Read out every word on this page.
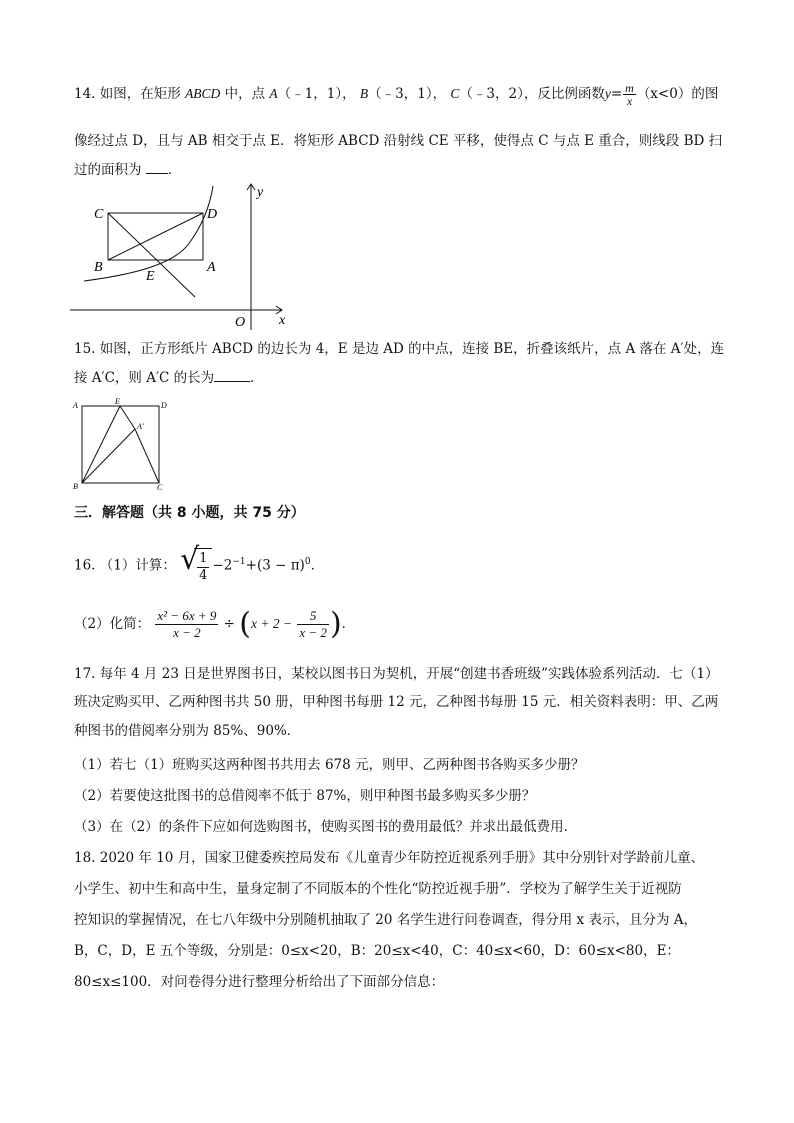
14. 如图，在矩形 ABCD 中，点 A（﹣1，1）， B（﹣3，1）， C（﹣3，2），反比例函数$y= \frac{m}{x} (x<0)$的图
像经过点 D，且与 AB 相交于点 E．将矩形 ABCD 沿射线 CE 平移，使得点 C 与点 E 重合，则线段 BD 扫
过的面积为 ．
C	D
B
E
A
y
x
O
15. 如图，正方形纸片 ABCD 的边长为 4，E 是边 AD 的中点，连接 BE，折叠该纸片，点 A 落在 A′处，连
接 A′C，则 A′C 的长为	．
A	E	D
A'
B	C
三．解答题（共 8 小题，共 75 分）
16. （1）计算： √
$\frac{1}{4} -2^{-1}+(3 - \pi)^0$．
（2）化简： $\frac{\text{x² − 6x + 9}}{x - 2} \div (x + 2 - \frac{5}{x - 2}$ )．
17. 每年 4 月 23 日是世界图书日，某校以图书日为契机，开展“创建书香班级”实践体验系列活动．七（1）
班决定购买甲、乙两种图书共 50 册，甲种图书每册 12 元，乙种图书每册 15 元．相关资料表明：甲、乙两
种图书的借阅率分别为 85%、90%．
（1）若七（1）班购买这两种图书共用去 678 元，则甲、乙两种图书各购买多少册？
（2）若要使这批图书的总借阅率不低于 87%，则甲种图书最多购买多少册？
（3）在（2）的条件下应如何选购图书，使购买图书的费用最低？并求出最低费用．
18. 2020 年 10 月，国家卫健委疾控局发布《儿童青少年防控近视系列手册》其中分别针对学龄前儿童、
小学生、初中生和高中生，量身定制了不同版本的个性化“防控近视手册”．学校为了解学生关于近视防
控知识的掌握情况，在七八年级中分别随机抽取了 20 名学生进行问卷调查，得分用 x 表示，且分为 A，
B，C，D，E 五个等级，分别是：0≤x<20，B：20≤x<40，C：40≤x<60，D：60≤x<80，E：
80≤x≤100．对问卷得分进行整理分析给出了下面部分信息：
